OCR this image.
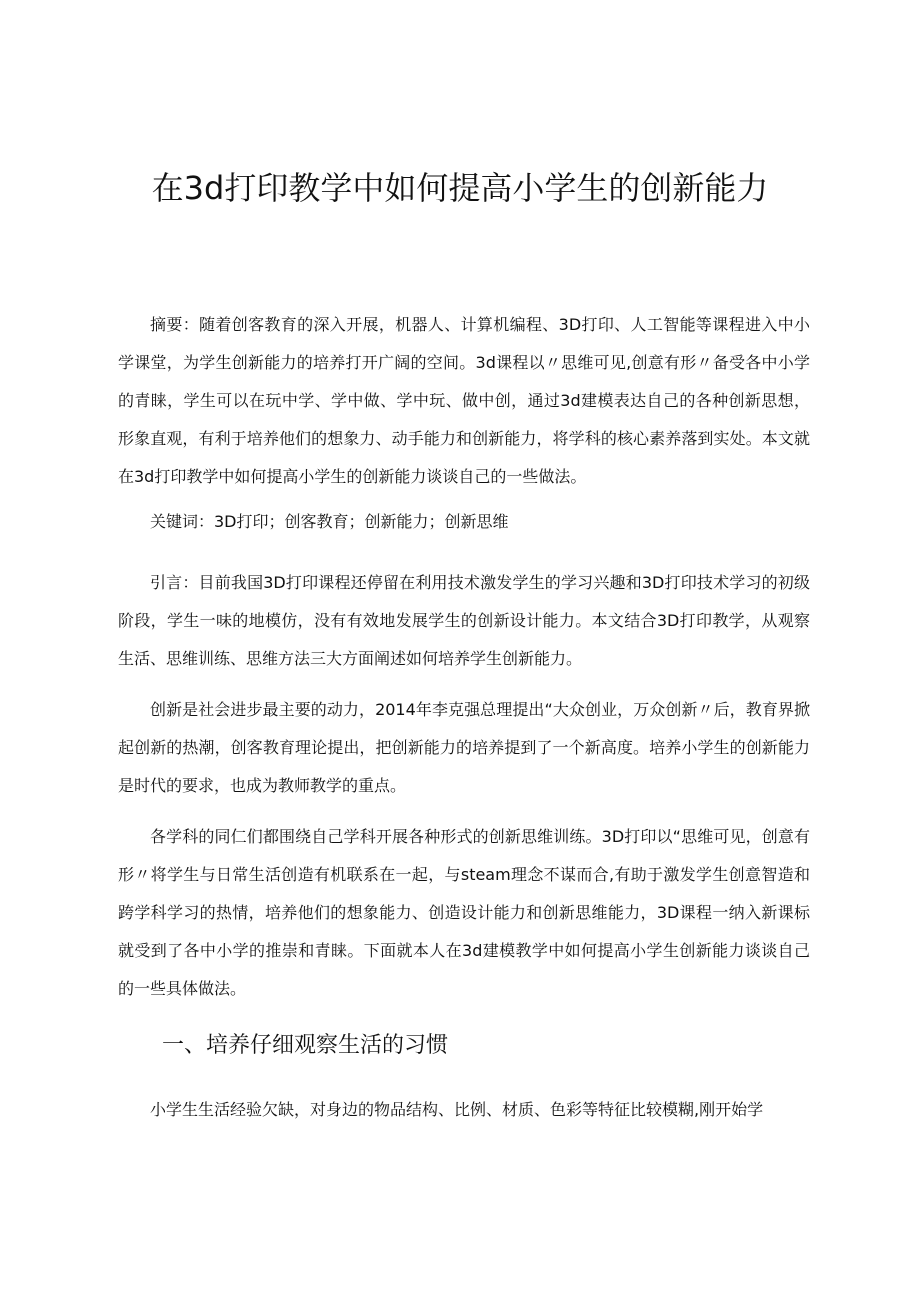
在3d打印教学中如何提高小学生的创新能力

摘要：随着创客教育的深入开展，机器人、计算机编程、3D打印、人工智能等课程进入中小学课堂，为学生创新能力的培养打开广阔的空间。3d课程以〃思维可见,创意有形〃备受各中小学的青睐，学生可以在玩中学、学中做、学中玩、做中创，通过3d建模表达自己的各种创新思想，形象直观，有利于培养他们的想象力、动手能力和创新能力，将学科的核心素养落到实处。本文就在3d打印教学中如何提高小学生的创新能力谈谈自己的一些做法。

关键词：3D打印；创客教育；创新能力；创新思维

引言：目前我国3D打印课程还停留在利用技术激发学生的学习兴趣和3D打印技术学习的初级阶段，学生一味的地模仿，没有有效地发展学生的创新设计能力。本文结合3D打印教学，从观察生活、思维训练、思维方法三大方面阐述如何培养学生创新能力。

创新是社会进步最主要的动力，2014年李克强总理提出“大众创业，万众创新〃后，教育界掀起创新的热潮，创客教育理论提出，把创新能力的培养提到了一个新高度。培养小学生的创新能力是时代的要求，也成为教师教学的重点。

各学科的同仁们都围绕自己学科开展各种形式的创新思维训练。3D打印以“思维可见，创意有形〃将学生与日常生活创造有机联系在一起，与steam理念不谋而合,有助于激发学生创意智造和跨学科学习的热情，培养他们的想象能力、创造设计能力和创新思维能力，3D课程一纳入新课标就受到了各中小学的推崇和青睐。下面就本人在3d建模教学中如何提高小学生创新能力谈谈自己的一些具体做法。

一、培养仔细观察生活的习惯

小学生生活经验欠缺，对身边的物品结构、比例、材质、色彩等特征比较模糊,刚开始学
